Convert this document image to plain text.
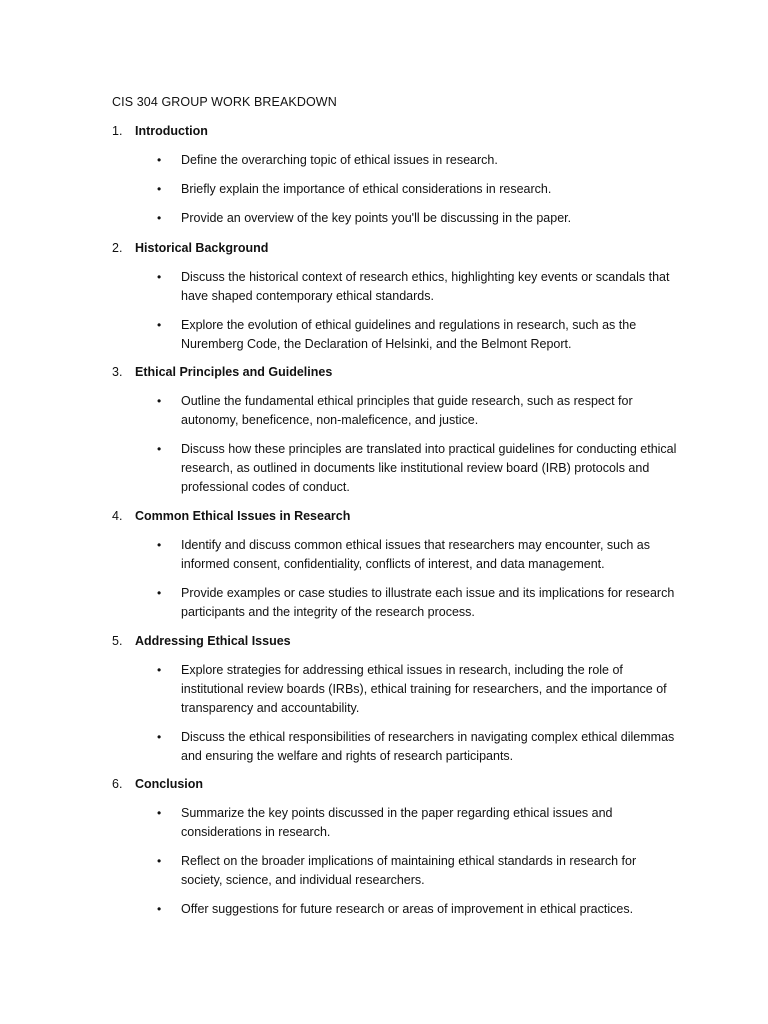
CIS 304 GROUP WORK BREAKDOWN
1. Introduction
• Define the overarching topic of ethical issues in research.
• Briefly explain the importance of ethical considerations in research.
• Provide an overview of the key points you'll be discussing in the paper.
2. Historical Background
• Discuss the historical context of research ethics, highlighting key events or scandals that have shaped contemporary ethical standards.
• Explore the evolution of ethical guidelines and regulations in research, such as the Nuremberg Code, the Declaration of Helsinki, and the Belmont Report.
3. Ethical Principles and Guidelines
• Outline the fundamental ethical principles that guide research, such as respect for autonomy, beneficence, non-maleficence, and justice.
• Discuss how these principles are translated into practical guidelines for conducting ethical research, as outlined in documents like institutional review board (IRB) protocols and professional codes of conduct.
4. Common Ethical Issues in Research
• Identify and discuss common ethical issues that researchers may encounter, such as informed consent, confidentiality, conflicts of interest, and data management.
• Provide examples or case studies to illustrate each issue and its implications for research participants and the integrity of the research process.
5. Addressing Ethical Issues
• Explore strategies for addressing ethical issues in research, including the role of institutional review boards (IRBs), ethical training for researchers, and the importance of transparency and accountability.
• Discuss the ethical responsibilities of researchers in navigating complex ethical dilemmas and ensuring the welfare and rights of research participants.
6. Conclusion
• Summarize the key points discussed in the paper regarding ethical issues and considerations in research.
• Reflect on the broader implications of maintaining ethical standards in research for society, science, and individual researchers.
• Offer suggestions for future research or areas of improvement in ethical practices.
